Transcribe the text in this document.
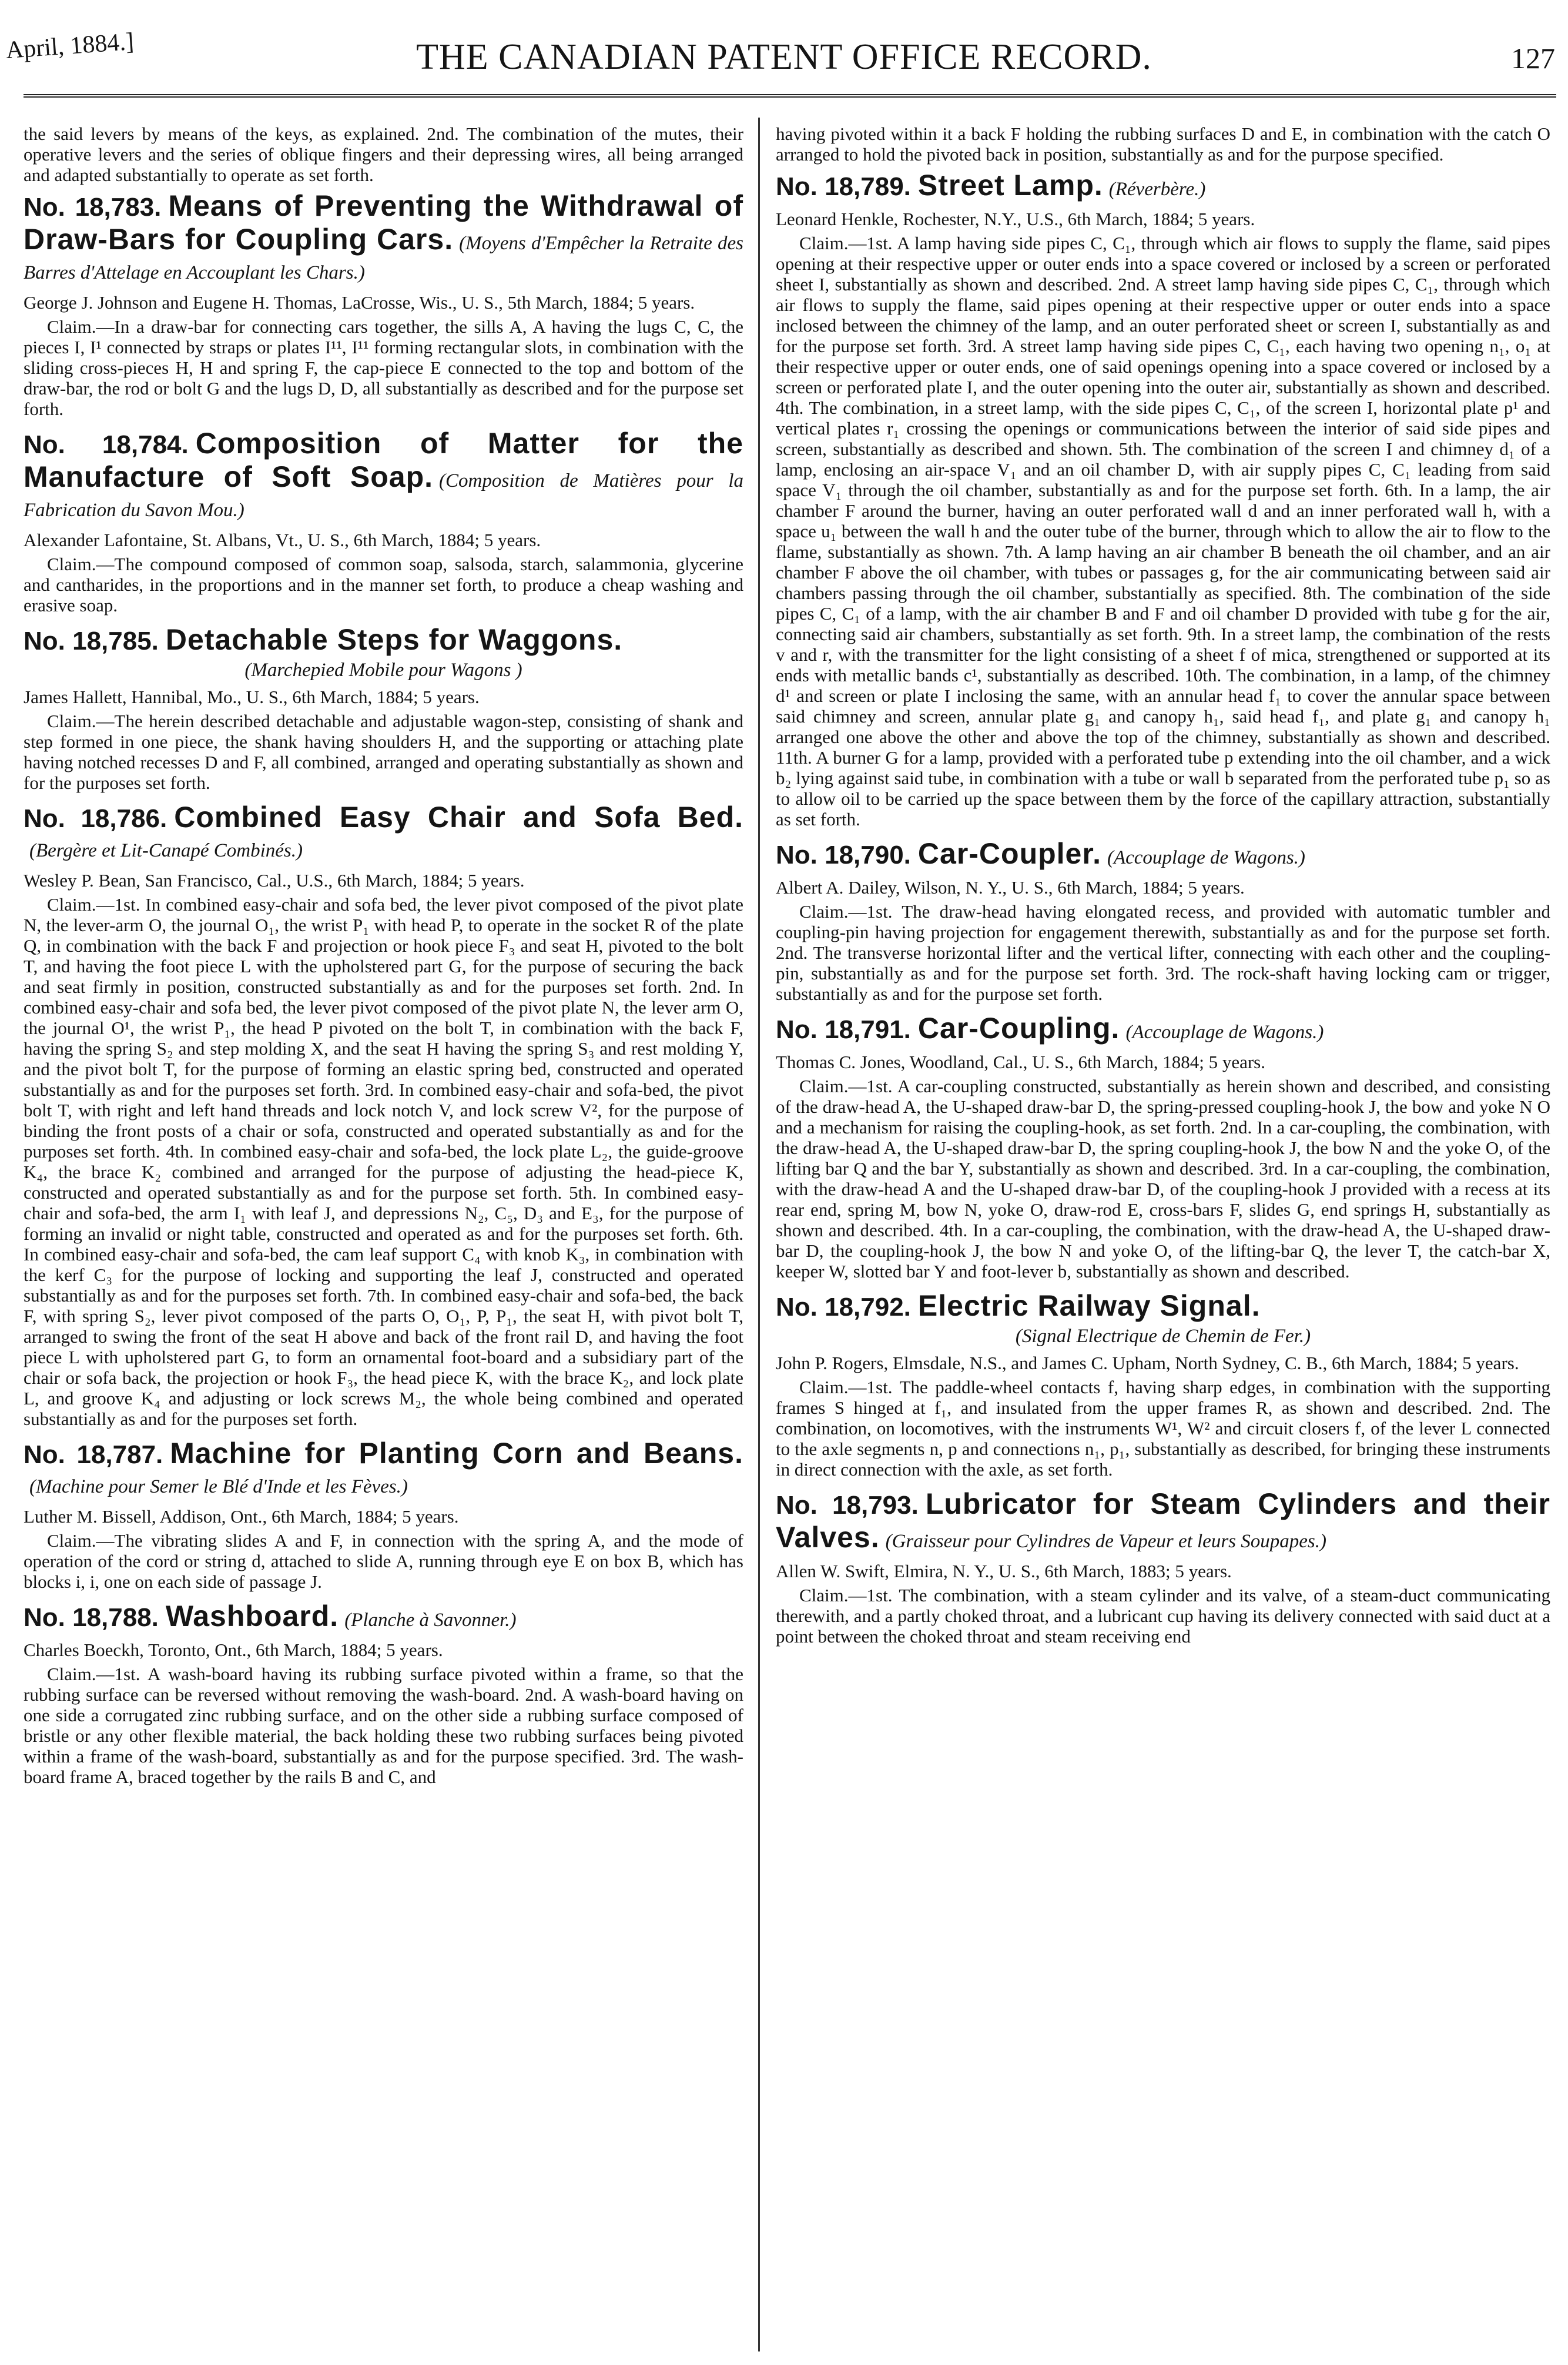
April, 1884.]	THE CANADIAN PATENT OFFICE RECORD.	127

the said levers by means of the keys, as explained. 2nd. The combination of the mutes, their operative levers and the series of oblique fingers and their depressing wires, all being arranged and adapted substantially to operate as set forth.

No. 18,783. Means of Preventing the Withdrawal of Draw-Bars for Coupling Cars. (Moyens d'Empêcher la Retraite des Barres d'Attelage en Accouplant les Chars.)

George J. Johnson and Eugene H. Thomas, LaCrosse, Wis., U. S., 5th March, 1884; 5 years.

Claim.—In a draw-bar for connecting cars together, the sills A, A having the lugs C, C, the pieces I, I¹ connected by straps or plates I¹¹, I¹¹ forming rectangular slots, in combination with the sliding cross-pieces H, H and spring F, the cap-piece E connected to the top and bottom of the draw-bar, the rod or bolt G and the lugs D, D, all substantially as described and for the purpose set forth.

No. 18,784. Composition of Matter for the Manufacture of Soft Soap. (Composition de Matières pour la Fabrication du Savon Mou.)

Alexander Lafontaine, St. Albans, Vt., U. S., 6th March, 1884; 5 years.

Claim.—The compound composed of common soap, salsoda, starch, salammonia, glycerine and cantharides, in the proportions and in the manner set forth, to produce a cheap washing and erasive soap.

No. 18,785. Detachable Steps for Waggons.
(Marchepied Mobile pour Wagons )

James Hallett, Hannibal, Mo., U. S., 6th March, 1884; 5 years.

Claim.—The herein described detachable and adjustable wagon-step, consisting of shank and step formed in one piece, the shank having shoulders H, and the supporting or attaching plate having notched recesses D and F, all combined, arranged and operating substantially as shown and for the purposes set forth.

No. 18,786. Combined Easy Chair and Sofa Bed.(Bergère et Lit-Canapé Combinés.)

Wesley P. Bean, San Francisco, Cal., U.S., 6th March, 1884; 5 years.

Claim.—1st. In combined easy-chair and sofa bed, the lever pivot composed of the pivot plate N, the lever-arm O, the journal O₁, the wrist P₁ with head P, to operate in the socket R of the plate Q, in combination with the back F and projection or hook piece F₃ and seat H, pivoted to the bolt T, and having the foot piece L with the upholstered part G, for the purpose of securing the back and seat firmly in position, constructed substantially as and for the purposes set forth. 2nd. In combined easy-chair and sofa bed, the lever pivot composed of the pivot plate N, the lever arm O, the journal O¹, the wrist P₁, the head P pivoted on the bolt T, in combination with the back F, having the spring S₂ and step molding X, and the seat H having the spring S₃ and rest molding Y, and the pivot bolt T, for the purpose of forming an elastic spring bed, constructed and operated substantially as and for the purposes set forth. 3rd. In combined easy-chair and sofa-bed, the pivot bolt T, with right and left hand threads and lock notch V, and lock screw V², for the purpose of binding the front posts of a chair or sofa, constructed and operated substantially as and for the purposes set forth. 4th. In combined easy-chair and sofa-bed, the lock plate L₂, the guide-groove K₄, the brace K₂ combined and arranged for the purpose of adjusting the head-piece K, constructed and operated substantially as and for the purpose set forth. 5th. In combined easy-chair and sofa-bed, the arm I₁ with leaf J, and depressions N₂, C₅, D₃ and E₃, for the purpose of forming an invalid or night table, constructed and operated as and for the purposes set forth. 6th. In combined easy-chair and sofa-bed, the cam leaf support C₄ with knob K₃, in combination with the kerf C₃ for the purpose of locking and supporting the leaf J, constructed and operated substantially as and for the purposes set forth. 7th. In combined easy-chair and sofa-bed, the back F, with spring S₂, lever pivot composed of the parts O, O₁, P, P₁, the seat H, with pivot bolt T, arranged to swing the front of the seat H above and back of the front rail D, and having the foot piece L with upholstered part G, to form an ornamental foot-board and a subsidiary part of the chair or sofa back, the projection or hook F₃, the head piece K, with the brace K₂, and lock plate L, and groove K₄ and adjusting or lock screws M₂, the whole being combined and operated substantially as and for the purposes set forth.

No. 18,787. Machine for Planting Corn and Beans.(Machine pour Semer le Blé d'Inde et les Fèves.)

Luther M. Bissell, Addison, Ont., 6th March, 1884; 5 years.

Claim.—The vibrating slides A and F, in connection with the spring A, and the mode of operation of the cord or string d, attached to slide A, running through eye E on box B, which has blocks i, i, one on each side of passage J.

No. 18,788. Washboard. (Planche à Savonner.)

Charles Boeckh, Toronto, Ont., 6th March, 1884; 5 years.

Claim.—1st. A wash-board having its rubbing surface pivoted within a frame, so that the rubbing surface can be reversed without removing the wash-board. 2nd. A wash-board having on one side a corrugated zinc rubbing surface, and on the other side a rubbing surface composed of bristle or any other flexible material, the back holding these two rubbing surfaces being pivoted within a frame of the wash-board, substantially as and for the purpose specified. 3rd. The wash-board frame A, braced together by the rails B and C, and

having pivoted within it a back F holding the rubbing surfaces D and E, in combination with the catch O arranged to hold the pivoted back in position, substantially as and for the purpose specified.

No. 18,789. Street Lamp. (Réverbère.)

Leonard Henkle, Rochester, N.Y., U.S., 6th March, 1884; 5 years.

Claim.—1st. A lamp having side pipes C, C₁, through which air flows to supply the flame, said pipes opening at their respective upper or outer ends into a space covered or inclosed by a screen or perforated sheet I, substantially as shown and described. 2nd. A street lamp having side pipes C, C₁, through which air flows to supply the flame, said pipes opening at their respective upper or outer ends into a space inclosed between the chimney of the lamp, and an outer perforated sheet or screen I, substantially as and for the purpose set forth. 3rd. A street lamp having side pipes C, C₁, each having two opening n₁, o₁ at their respective upper or outer ends, one of said openings opening into a space covered or inclosed by a screen or perforated plate I, and the outer opening into the outer air, substantially as shown and described. 4th. The combination, in a street lamp, with the side pipes C, C₁, of the screen I, horizontal plate p¹ and vertical plates r₁ crossing the openings or communications between the interior of said side pipes and screen, substantially as described and shown. 5th. The combination of the screen I and chimney d₁ of a lamp, enclosing an air-space V₁ and an oil chamber D, with air supply pipes C, C₁ leading from said space V₁ through the oil chamber, substantially as and for the purpose set forth. 6th. In a lamp, the air chamber F around the burner, having an outer perforated wall d and an inner perforated wall h, with a space u₁ between the wall h and the outer tube of the burner, through which to allow the air to flow to the flame, substantially as shown. 7th. A lamp having an air chamber B beneath the oil chamber, and an air chamber F above the oil chamber, with tubes or passages g, for the air communicating between said air chambers passing through the oil chamber, substantially as specified. 8th. The combination of the side pipes C, C₁ of a lamp, with the air chamber B and F and oil chamber D provided with tube g for the air, connecting said air chambers, substantially as set forth. 9th. In a street lamp, the combination of the rests v and r, with the transmitter for the light consisting of a sheet f of mica, strengthened or supported at its ends with metallic bands c¹, substantially as described. 10th. The combination, in a lamp, of the chimney d¹ and screen or plate I inclosing the same, with an annular head f₁ to cover the annular space between said chimney and screen, annular plate g₁ and canopy h₁, said head f₁, and plate g₁ and canopy h₁ arranged one above the other and above the top of the chimney, substantially as shown and described. 11th. A burner G for a lamp, provided with a perforated tube p extending into the oil chamber, and a wick b₂ lying against said tube, in combination with a tube or wall b separated from the perforated tube p₁ so as to allow oil to be carried up the space between them by the force of the capillary attraction, substantially as set forth.

No. 18,790. Car-Coupler. (Accouplage de Wagons.)

Albert A. Dailey, Wilson, N. Y., U. S., 6th March, 1884; 5 years.

Claim.—1st. The draw-head having elongated recess, and provided with automatic tumbler and coupling-pin having projection for engagement therewith, substantially as and for the purpose set forth. 2nd. The transverse horizontal lifter and the vertical lifter, connecting with each other and the coupling-pin, substantially as and for the purpose set forth. 3rd. The rock-shaft having locking cam or trigger, substantially as and for the purpose set forth.

No. 18,791. Car-Coupling. (Accouplage de Wagons.)

Thomas C. Jones, Woodland, Cal., U. S., 6th March, 1884; 5 years.

Claim.—1st. A car-coupling constructed, substantially as herein shown and described, and consisting of the draw-head A, the U-shaped draw-bar D, the spring-pressed coupling-hook J, the bow and yoke N O and a mechanism for raising the coupling-hook, as set forth. 2nd. In a car-coupling, the combination, with the draw-head A, the U-shaped draw-bar D, the spring coupling-hook J, the bow N and the yoke O, of the lifting bar Q and the bar Y, substantially as shown and described. 3rd. In a car-coupling, the combination, with the draw-head A and the U-shaped draw-bar D, of the coupling-hook J provided with a recess at its rear end, spring M, bow N, yoke O, draw-rod E, cross-bars F, slides G, end springs H, substantially as shown and described. 4th. In a car-coupling, the combination, with the draw-head A, the U-shaped draw-bar D, the coupling-hook J, the bow N and yoke O, of the lifting-bar Q, the lever T, the catch-bar X, keeper W, slotted bar Y and foot-lever b, substantially as shown and described.

No. 18,792. Electric Railway Signal.
(Signal Electrique de Chemin de Fer.)

John P. Rogers, Elmsdale, N.S., and James C. Upham, North Sydney, C. B., 6th March, 1884; 5 years.

Claim.—1st. The paddle-wheel contacts f, having sharp edges, in combination with the supporting frames S hinged at f₁, and insulated from the upper frames R, as shown and described. 2nd. The combination, on locomotives, with the instruments W¹, W² and circuit closers f, of the lever L connected to the axle segments n, p and connections n₁, p₁, substantially as described, for bringing these instruments in direct connection with the axle, as set forth.

No. 18,793. Lubricator for Steam Cylinders and their Valves. (Graisseur pour Cylindres de Vapeur et leurs Soupapes.)

Allen W. Swift, Elmira, N. Y., U. S., 6th March, 1883; 5 years.

Claim.—1st. The combination, with a steam cylinder and its valve, of a steam-duct communicating therewith, and a partly choked throat, and a lubricant cup having its delivery connected with said duct at a point between the choked throat and steam receiving end
